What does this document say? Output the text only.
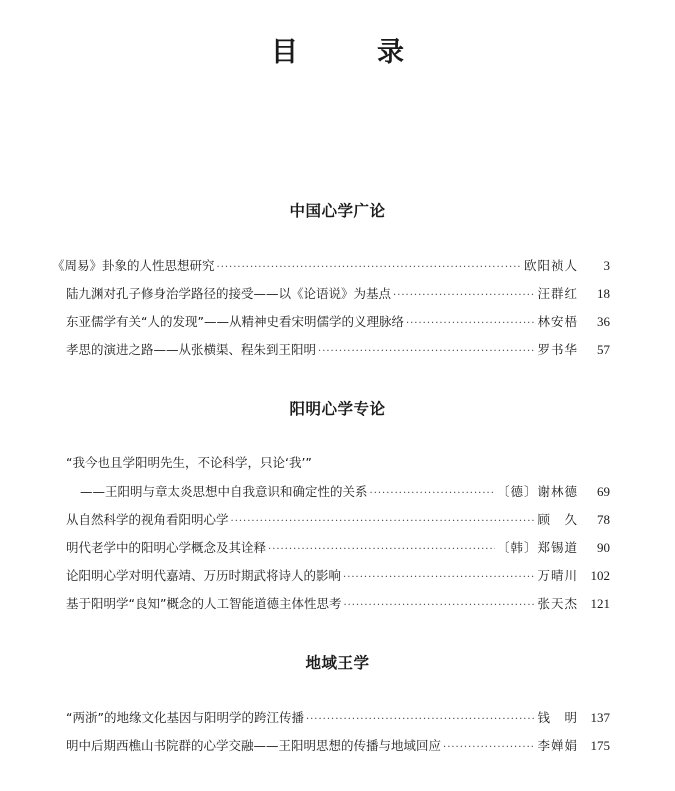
目　录
中国心学广论
《周易》卦象的人性思想研究 ·····	欧阳祯人	3
陆九渊对孔子修身治学路径的接受——以《论语说》为基点 ·····	汪群红	18
东亚儒学有关“人的发现”——从精神史看宋明儒学的义理脉络 ·····	林安梧	36
孝思的演进之路——从张横渠、程朱到王阳明 ·····	罗书华	57
阳明心学专论
“我今也且学阳明先生，不论科学，只论‘我’”
——王阳明与章太炎思想中自我意识和确定性的关系 ·····	〔德〕谢林德	69
从自然科学的视角看阳明心学 ·····	顾　久	78
明代老学中的阳明心学概念及其诠释 ·····	〔韩〕郑锡道	90
论阳明心学对明代嘉靖、万历时期武将诗人的影响 ·····	万晴川 102
基于阳明学“良知”概念的人工智能道德主体性思考 ·····	张天杰 121
地域王学
“两浙”的地缘文化基因与阳明学的跨江传播 ·····	钱　明 137
明中后期西樵山书院群的心学交融——王阳明思想的传播与地域回应 ·····	李婵娟 175
